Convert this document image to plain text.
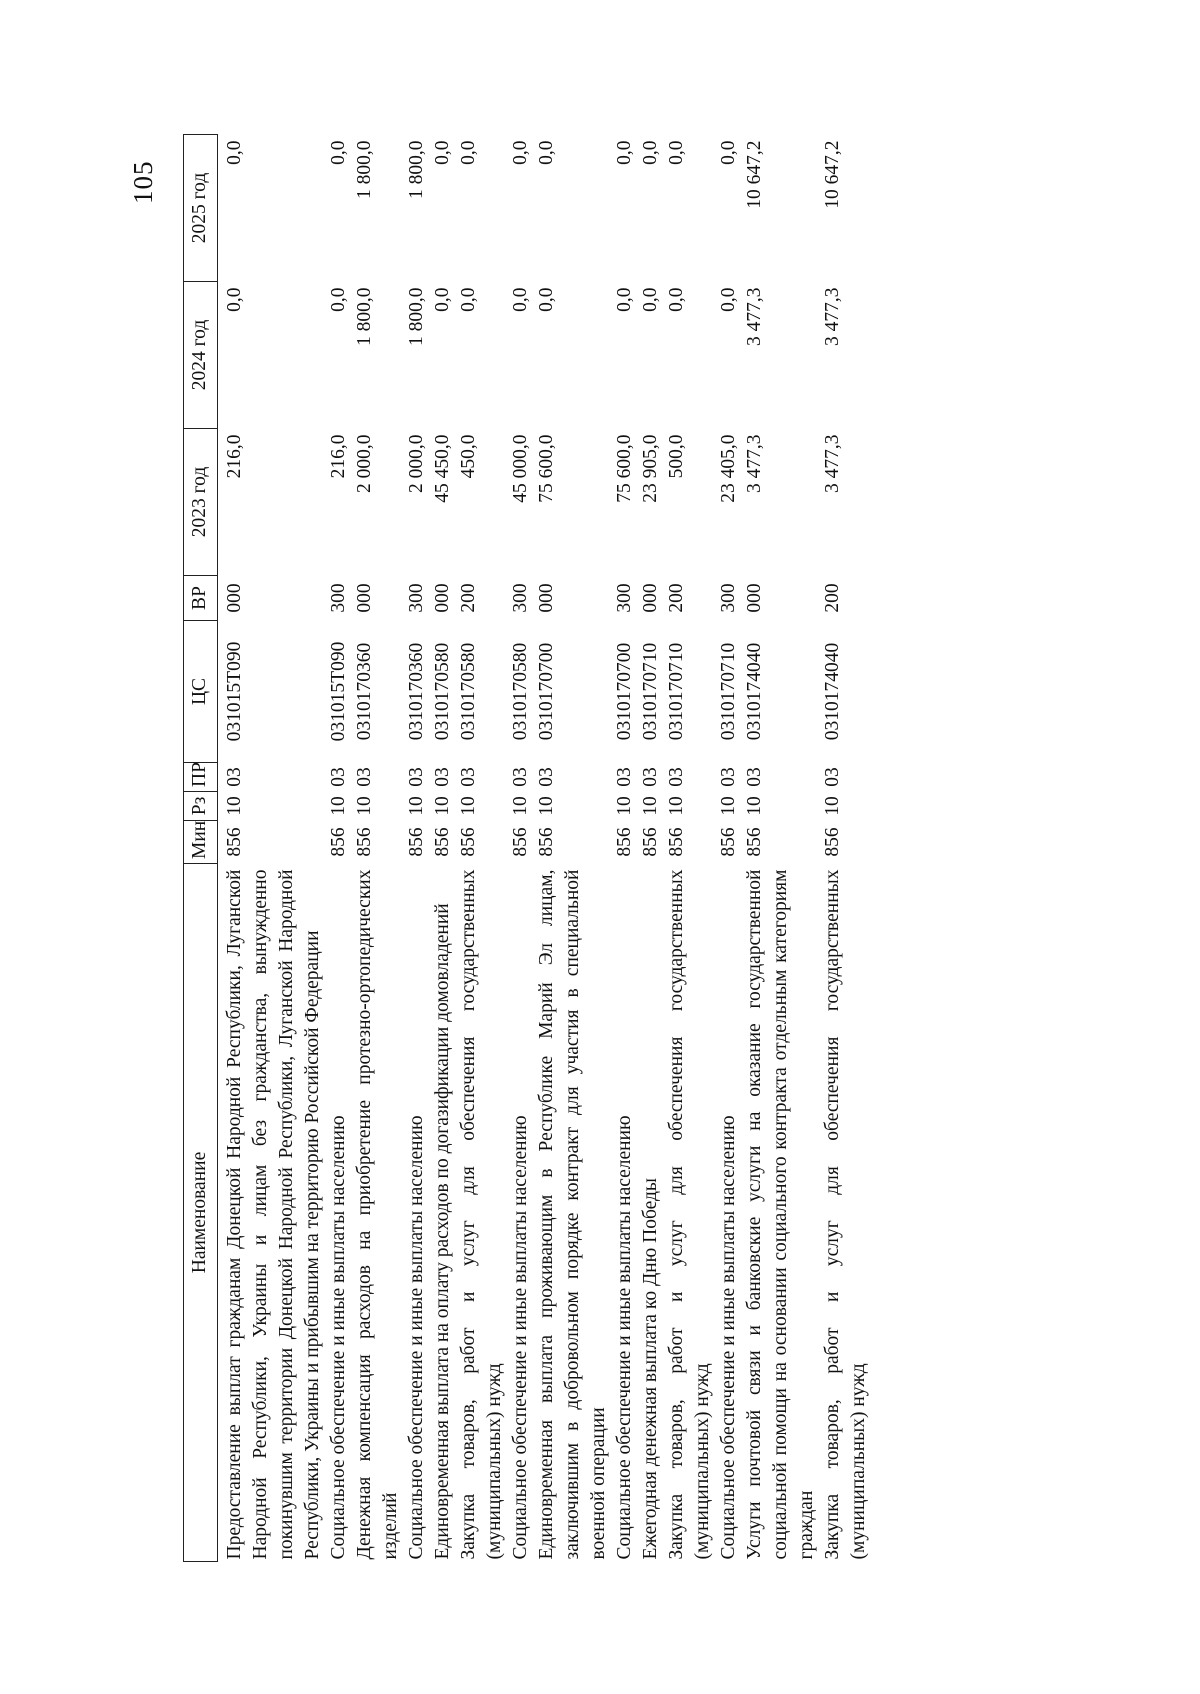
105
Наименование	Мин	Рз	ПР	ЦС	ВР	2023 год	2024 год	2025 год
Предоставление выплат гражданам Донецкой Народной Республики, Луганской Народной Республики, Украины и лицам без гражданства, вынужденно покинувшим территории Донецкой Народной Республики, Луганской Народной Республики, Украины и прибывшим на территорию Российской Федерации	856	10	03	031015Т090	000	216,0	0,0	0,0
Социальное обеспечение и иные выплаты населению	856	10	03	031015Т090	300	216,0	0,0	0,0
Денежная компенсация расходов на приобретение протезно-ортопедических изделий	856	10	03	0310170360	000	2 000,0	1 800,0	1 800,0
Социальное обеспечение и иные выплаты населению	856	10	03	0310170360	300	2 000,0	1 800,0	1 800,0
Единовременная выплата на оплату расходов по догазификации домовладений	856	10	03	0310170580	000	45 450,0	0,0	0,0
Закупка товаров, работ и услуг для обеспечения государственных (муниципальных) нужд	856	10	03	0310170580	200	450,0	0,0	0,0
Социальное обеспечение и иные выплаты населению	856	10	03	0310170580	300	45 000,0	0,0	0,0
Единовременная выплата проживающим в Республике Марий Эл лицам, заключившим в добровольном порядке контракт для участия в специальной военной операции	856	10	03	0310170700	000	75 600,0	0,0	0,0
Социальное обеспечение и иные выплаты населению	856	10	03	0310170700	300	75 600,0	0,0	0,0
Ежегодная денежная выплата ко Дню Победы	856	10	03	0310170710	000	23 905,0	0,0	0,0
Закупка товаров, работ и услуг для обеспечения государственных (муниципальных) нужд	856	10	03	0310170710	200	500,0	0,0	0,0
Социальное обеспечение и иные выплаты населению	856	10	03	0310170710	300	23 405,0	0,0	0,0
Услуги почтовой связи и банковские услуги на оказание государственной социальной помощи на основании социального контракта отдельным категориям граждан	856	10	03	0310174040	000	3 477,3	3 477,3	10 647,2
Закупка товаров, работ и услуг для обеспечения государственных (муниципальных) нужд	856	10	03	0310174040	200	3 477,3	3 477,3	10 647,2
